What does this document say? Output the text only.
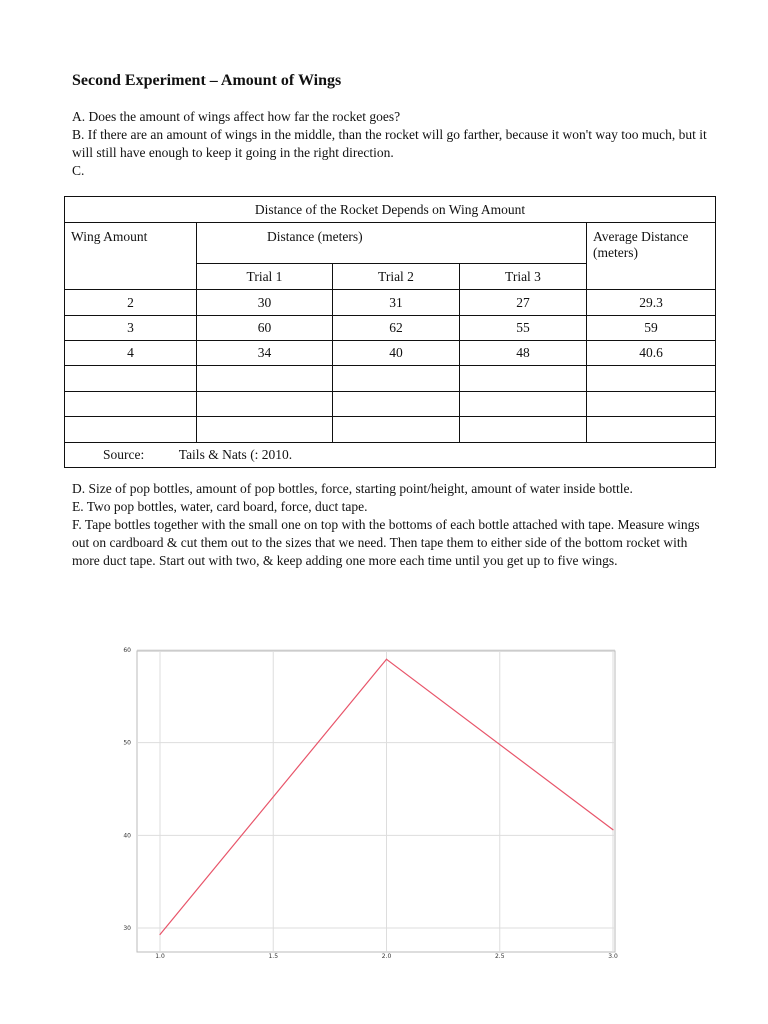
Second Experiment – Amount of Wings
A. Does the amount of wings affect how far the rocket goes?
B. If there are an amount of wings in the middle, than the rocket will go farther, because it won't way too much, but it will still have enough to keep it going in the right direction.
C.
Distance of the Rocket Depends on Wing Amount				
Wing Amount	Distance (meters)			Average Distance (meters)
	Trial 1	Trial 2	Trial 3	
2	30	31	27	29.3
3	60	62	55	59
4	34	40	48	40.6

Source: Tails & Nats (: 2010.				
D. Size of pop bottles, amount of pop bottles, force, starting point/height, amount of water inside bottle.
E. Two pop bottles, water, card board, force, duct tape.
F. Tape bottles together with the small one on top with the bottoms of each bottle attached with tape. Measure wings out on cardboard & cut them out to the sizes that we need. Then tape them to either side of the bottom rocket with more duct tape. Start out with two, & keep adding one more each time until you get up to five wings.
1.0	1.5	2.0	2.5	3.0
30
40
50
60
